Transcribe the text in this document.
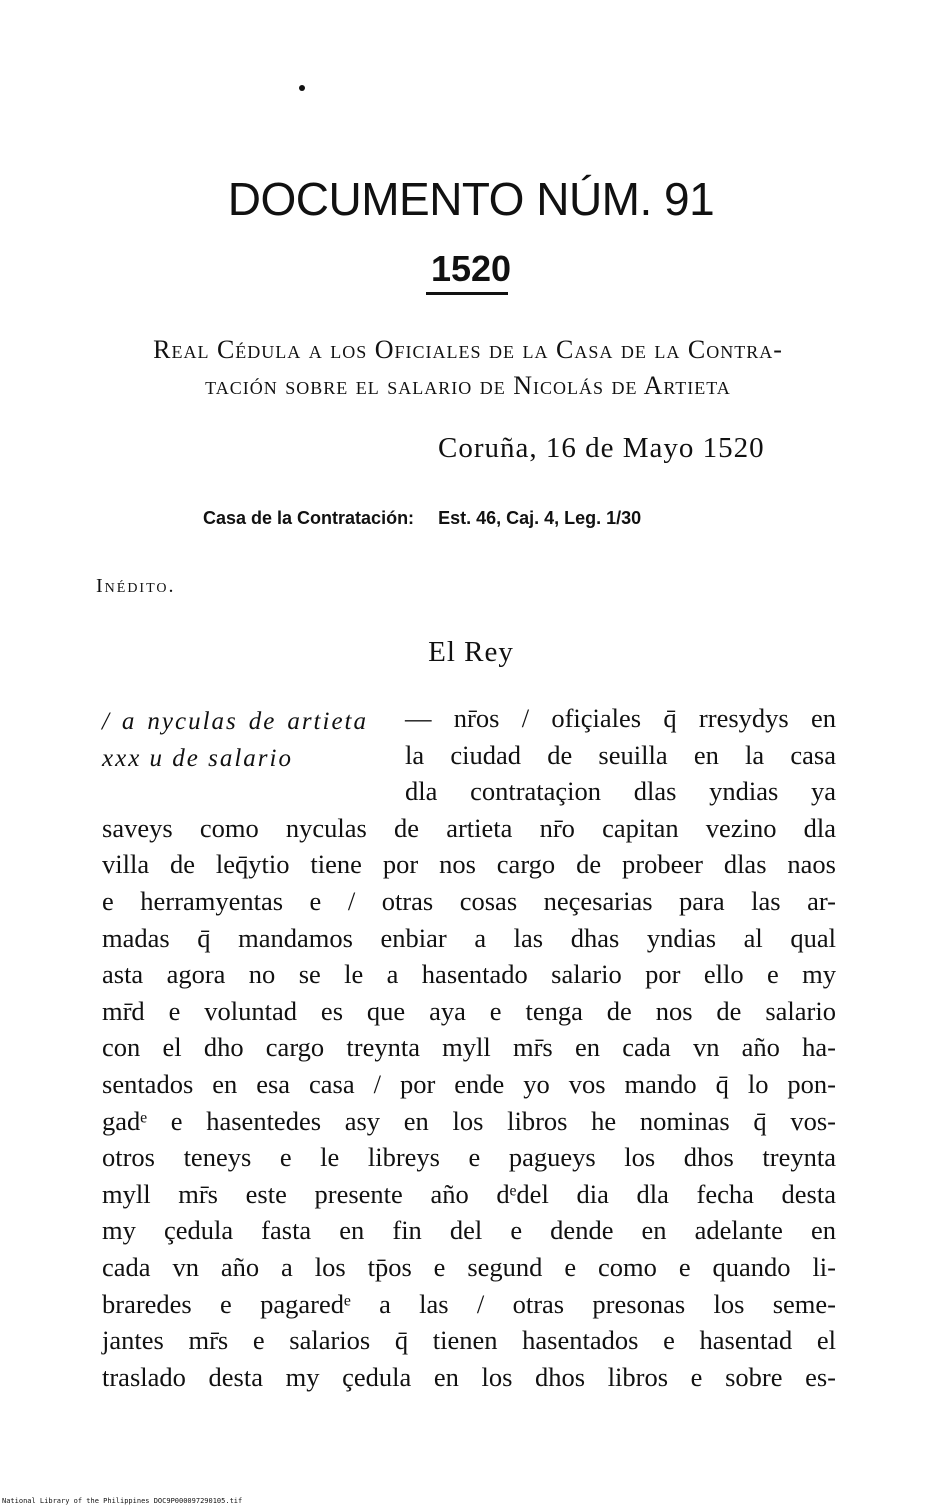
DOCUMENTO NÚM. 91
1520
Real Cédula a los Oficiales de la Casa de la Contra-
tación sobre el salario de Nicolás de Artieta

Coruña, 16 de Mayo 1520

Casa de la Contratación: Est. 46, Caj. 4, Leg. 1/30

Inédito.

El Rey

/ a nyculas de artieta xxx u de salario

— nr̄os / ofiçiales q̄ rresydys en
la ciudad de seuilla en la casa
dla contrataçion dlas yndias ya
saveys como nyculas de artieta nr̄o capitan vezino dla
villa de leq̄ytio tiene por nos cargo de probeer dlas naos
e herramyentas e / otras cosas neçesarias para las ar-
madas q̄ mandamos enbiar a las dhas yndias al qual
asta agora no se le a hasentado salario por ello e my
mr̄d e voluntad es que aya e tenga de nos de salario
con el dho cargo treynta myll mr̄s en cada vn año ha-
sentados en esa casa / por ende yo vos mando q̄ lo pon-
gadᵉ e hasentedes asy en los libros he nominas q̄ vos-
otros teneys e le libreys e pagueys los dhos treynta
myll mr̄s este presente año dᵉdel dia dla fecha desta
my çedula fasta en fin del e dende en adelante en
cada vn año a los tp̄os e segund e como e quando li-
braredes e pagaredᵉ a las / otras presonas los seme-
jantes mr̄s e salarios q̄ tienen hasentados e hasentad el
traslado desta my çedula en los dhos libros e sobre es-

National Library of the Philippines DOC9P000097290105.tif
